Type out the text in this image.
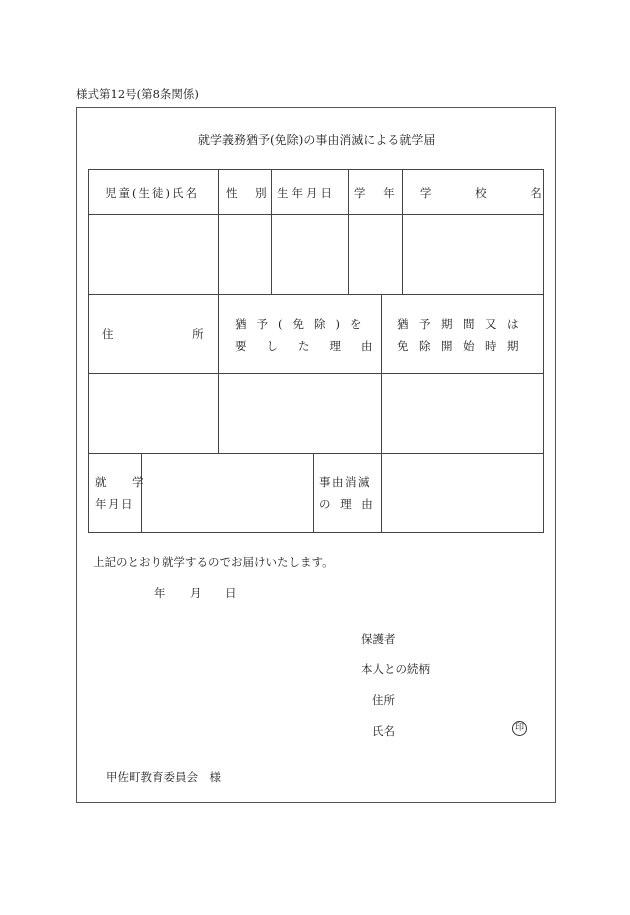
様式第12号(第8条関係)
就学義務猶予(免除)の事由消滅による就学届
児童(生徒)氏名 性 別 生年月日 学 年 学 校 名
住 所
猶予(免除)を
要した理由
猶予期間又は
免除開始時期
就 学
年月日
事由消滅
の 理 由
上記のとおり就学するのでお届けいたします。
年 月 日
保護者
本人との続柄
住所
氏名	印
甲佐町教育委員会　様
